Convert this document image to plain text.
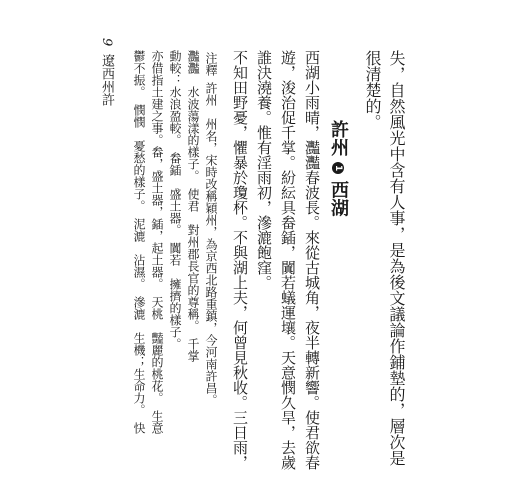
9
遼西州許	失，自然風光中含有人事，是為後文議論作鋪墊的，層次是很清楚的。

許州 1 西湖

西湖小雨晴，灩灩春波長。來從古城角，夜半轉新響。使君欲春

遊，浚治促千掌。紛紜具畚鍤，闐若蟻運壤。天意憫久旱，去歲

誰決澆養。惟有淫雨初，滲漉飽窪。

不知田野憂，懼暴於瓊杯。不與湖上夫，何曾見秋收。三日雨，

注釋 許州　州名，宋時改稱穎州，為京西北路重鎮，今河南許昌。

灩灩　水波蕩漾的樣子。　使君　對州郡長官的尊稱。　千掌

動較：水浪盈較。　畚鍤　盛土器。　闐若　擁擠的樣子。

亦借指土建之事。畚，盛土器，鍤，起土器。　天桃　豔麗的桃花。　生意

鬱不振。　憫憫　憂愁的樣子。　泥漉　沾濕。　滲漉　生機；生命力。　快
